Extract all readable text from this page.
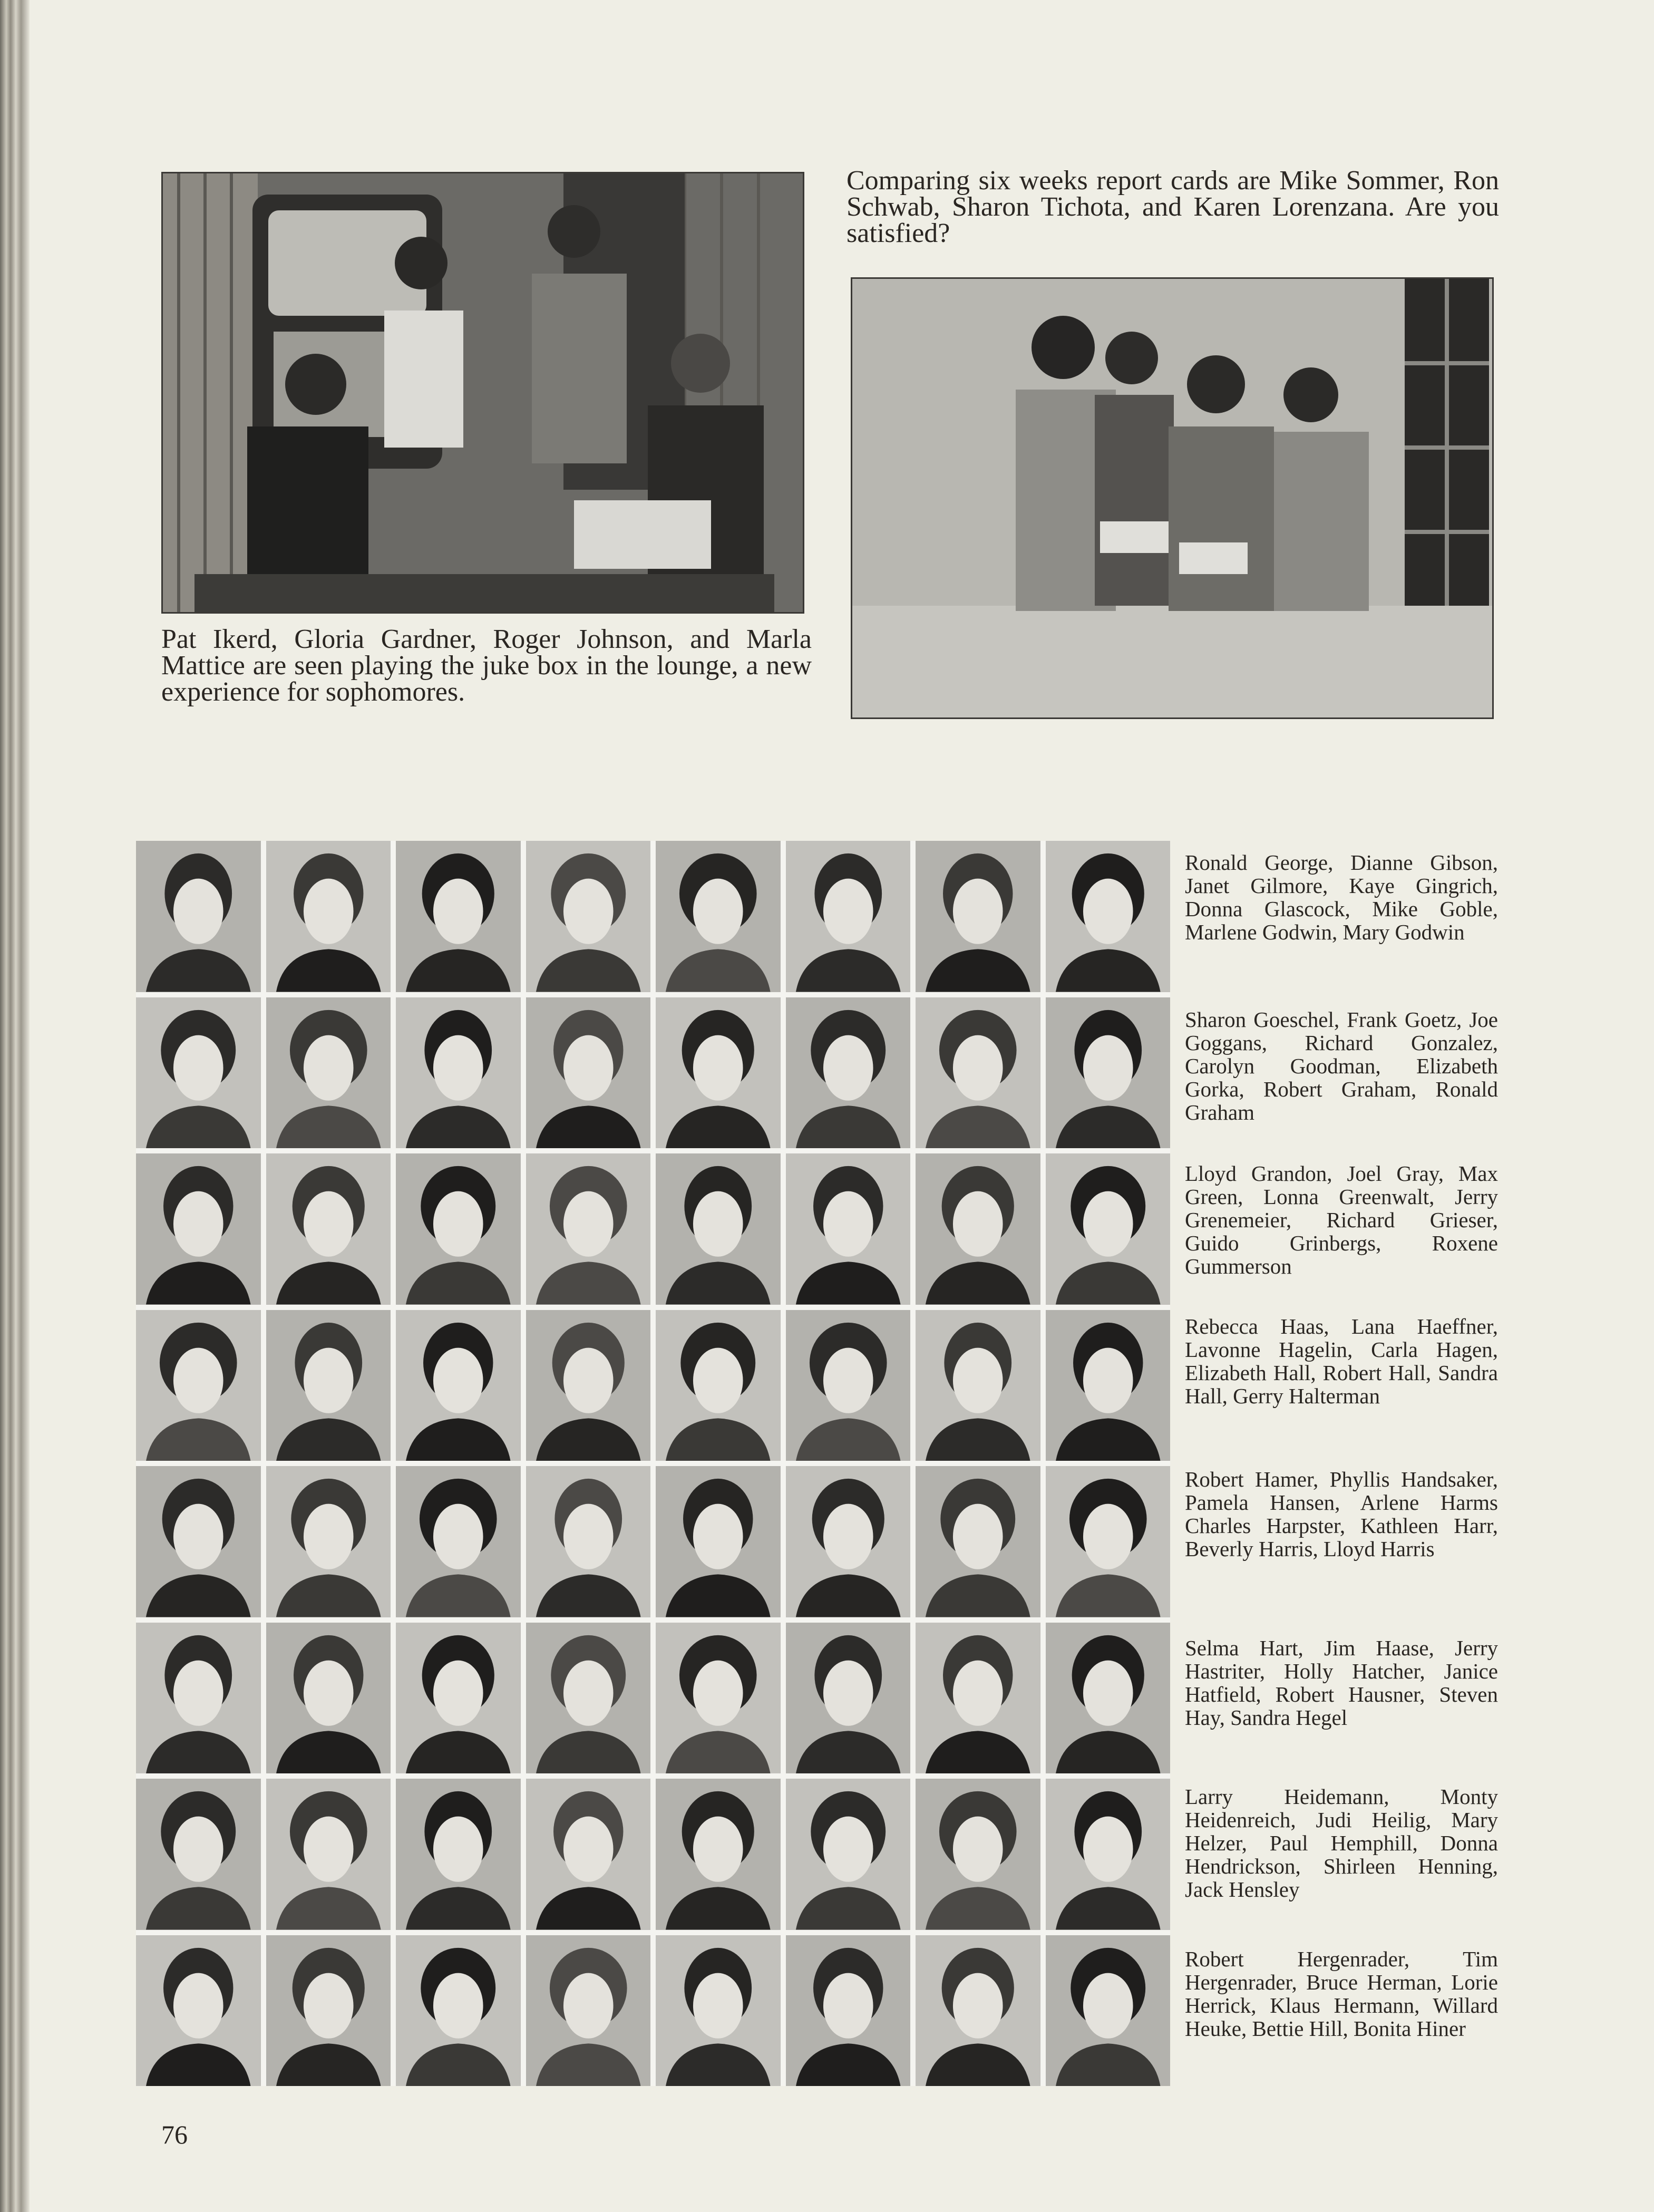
Pat Ikerd, Gloria Gardner, Roger Johnson, and Marla Mattice are seen playing the juke box in the lounge, a new experience for sophomores.

Comparing six weeks report cards are Mike Sommer, Ron Schwab, Sharon Tichota, and Karen Lorenzana. Are you satisfied?

Ronald George, Dianne Gibson, Janet Gilmore, Kaye Gingrich, Donna Glascock, Mike Goble, Marlene Godwin, Mary Godwin

Sharon Goeschel, Frank Goetz, Joe Goggans, Richard Gonzalez, Carolyn Goodman, Elizabeth Gorka, Robert Graham, Ronald Graham

Lloyd Grandon, Joel Gray, Max Green, Lonna Greenwalt, Jerry Grenemeier, Richard Grieser, Guido Grinbergs, Roxene Gummerson

Rebecca Haas, Lana Haeffner, Lavonne Hagelin, Carla Hagen, Elizabeth Hall, Robert Hall, Sandra Hall, Gerry Halterman

Robert Hamer, Phyllis Handsaker, Pamela Hansen, Arlene Harms Charles Harpster, Kathleen Harr, Beverly Harris, Lloyd Harris

Selma Hart, Jim Haase, Jerry Hastriter, Holly Hatcher, Janice Hatfield, Robert Hausner, Steven Hay, Sandra Hegel

Larry Heidemann, Monty Heidenreich, Judi Heilig, Mary Helzer, Paul Hemphill, Donna Hendrickson, Shirleen Henning, Jack Hensley

Robert Hergenrader, Tim Hergenrader, Bruce Herman, Lorie Herrick, Klaus Hermann, Willard Heuke, Bettie Hill, Bonita Hiner

76
